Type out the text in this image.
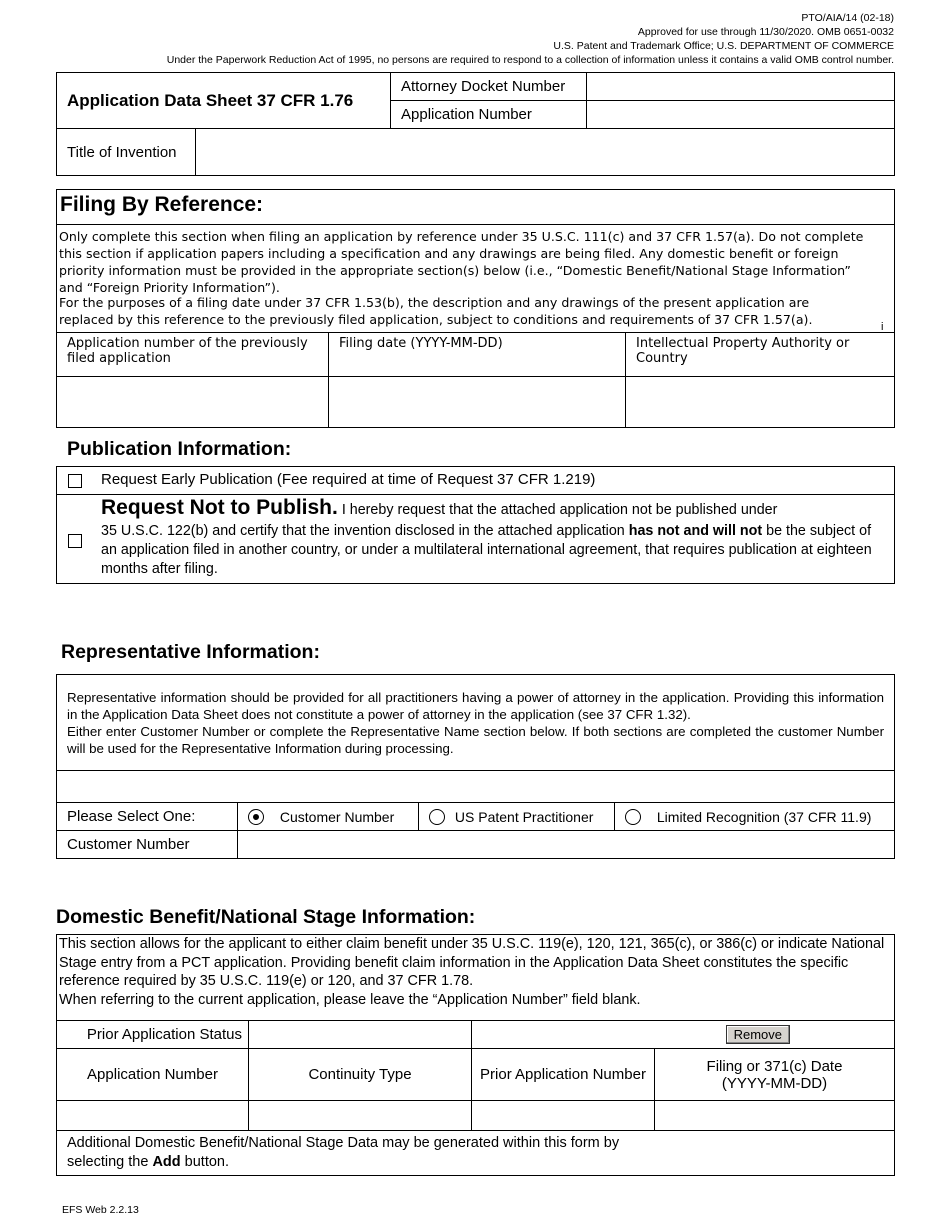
PTO/AIA/14 (02-18)
Approved for use through 11/30/2020. OMB 0651-0032
U.S. Patent and Trademark Office; U.S. DEPARTMENT OF COMMERCE
Under the Paperwork Reduction Act of 1995, no persons are required to respond to a collection of information unless it contains a valid OMB control number.
Application Data Sheet 37 CFR 1.76	Attorney Docket Number	
	Application Number	
Title of Invention	
Filing By Reference:
Only complete this section when filing an application by reference under 35 U.S.C. 111(c) and 37 CFR 1.57(a). Do not complete this section if application papers including a specification and any drawings are being filed. Any domestic benefit or foreign priority information must be provided in the appropriate section(s) below (i.e., “Domestic Benefit/National Stage Information” and “Foreign Priority Information”).
For the purposes of a filing date under 37 CFR 1.53(b), the description and any drawings of the present application are replaced by this reference to the previously filed application, subject to conditions and requirements of 37 CFR 1.57(a).	i
Application number of the previously filed application	Filing date (YYYY-MM-DD)	Intellectual Property Authority or Country

Publication Information:
Request Early Publication (Fee required at time of Request 37 CFR 1.219)
Request Not to Publish. I hereby request that the attached application not be published under
35 U.S.C. 122(b) and certify that the invention disclosed in the attached application has not and will not be the subject of an application filed in another country, or under a multilateral international agreement, that requires publication at eighteen months after filing.
Representative Information:
Representative information should be provided for all practitioners having a power of attorney in the application. Providing this information in the Application Data Sheet does not constitute a power of attorney in the application (see 37 CFR 1.32).
Either enter Customer Number or complete the Representative Name section below. If both sections are completed the customer Number will be used for the Representative Information during processing.
Please Select One:	Customer Number	US Patent Practitioner	Limited Recognition (37 CFR 11.9)
Customer Number			
Domestic Benefit/National Stage Information:
This section allows for the applicant to either claim benefit under 35 U.S.C. 119(e), 120, 121, 365(c), or 386(c) or indicate National Stage entry from a PCT application. Providing benefit claim information in the Application Data Sheet constitutes the specific reference required by 35 U.S.C. 119(e) or 120, and 37 CFR 1.78.
When referring to the current application, please leave the “Application Number” field blank.
Prior Application Status		Remove	
Application Number	Continuity Type	Prior Application Number	Filing or 371(c) Date (YYYY-MM-DD)

Additional Domestic Benefit/National Stage Data may be generated within this form by selecting the Add button.			
EFS Web 2.2.13
